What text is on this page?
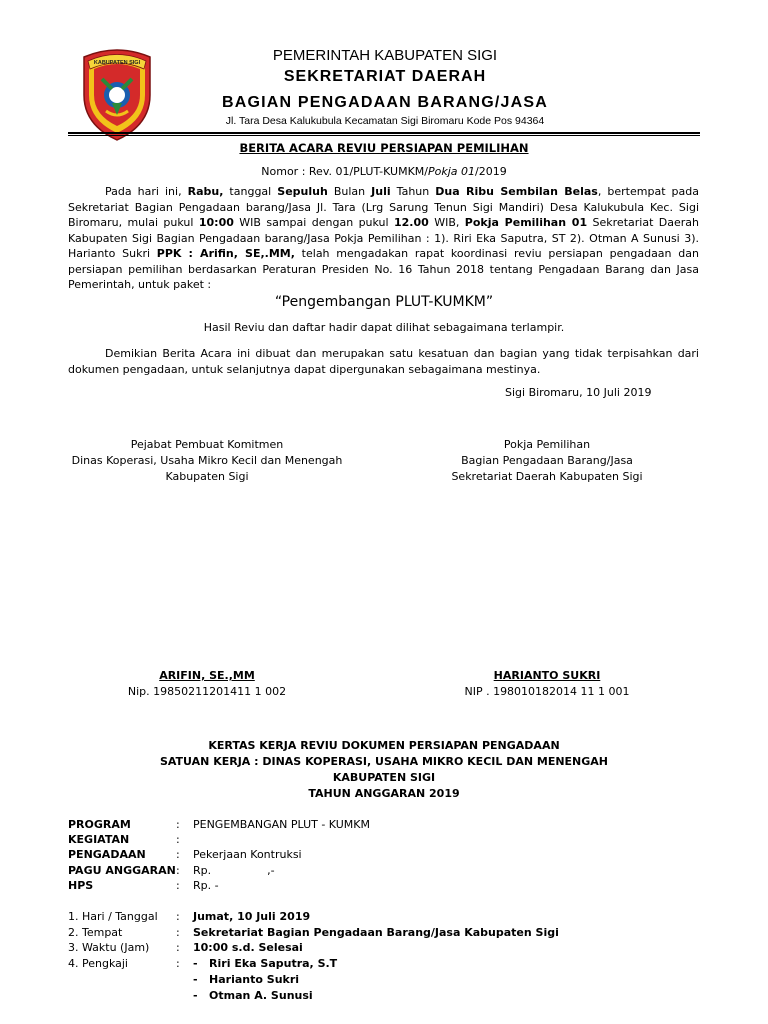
KABUPATEN SIGI	PEMERINTAH KABUPATEN SIGI
SEKRETARIAT DAERAH
BAGIAN PENGADAAN BARANG/JASA
Jl. Tara Desa Kalukubula Kecamatan Sigi Biromaru Kode Pos 94364
BERITA ACARA REVIU PERSIAPAN PEMILIHAN
Nomor : Rev. 01/PLUT-KUMKM/Pokja 01/2019
Pada hari ini, Rabu, tanggal Sepuluh Bulan Juli Tahun Dua Ribu Sembilan Belas, bertempat pada Sekretariat Bagian Pengadaan barang/Jasa Jl. Tara (Lrg Sarung Tenun Sigi Mandiri) Desa Kalukubula Kec. Sigi Biromaru, mulai pukul 10:00 WIB sampai dengan pukul 12.00 WIB, Pokja Pemilihan 01 Sekretariat Daerah Kabupaten Sigi Bagian Pengadaan barang/Jasa Pokja Pemilihan : 1). Riri Eka Saputra, ST 2). Otman A Sunusi 3). Harianto Sukri PPK : Arifin, SE,.MM, telah mengadakan rapat koordinasi reviu persiapan pengadaan dan persiapan pemilihan berdasarkan Peraturan Presiden No. 16 Tahun 2018 tentang Pengadaan Barang dan Jasa Pemerintah, untuk paket :
“Pengembangan PLUT-KUMKM”
Hasil Reviu dan daftar hadir dapat dilihat sebagaimana terlampir.
Demikian Berita Acara ini dibuat dan merupakan satu kesatuan dan bagian yang tidak terpisahkan dari dokumen pengadaan, untuk selanjutnya dapat dipergunakan sebagaimana mestinya.
Sigi Biromaru, 10 Juli 2019
Pejabat Pembuat Komitmen
Dinas Koperasi, Usaha Mikro Kecil dan Menengah
Kabupaten Sigi
Pokja Pemilihan
Bagian Pengadaan Barang/Jasa
Sekretariat Daerah Kabupaten Sigi
ARIFIN, SE.,MM	HARIANTO SUKRI
Nip. 19850211201411 1 002	NIP . 198010182014 11 1 001
KERTAS KERJA REVIU DOKUMEN PERSIAPAN PENGADAAN
SATUAN KERJA : DINAS KOPERASI, USAHA MIKRO KECIL DAN MENENGAH
KABUPATEN SIGI
TAHUN ANGGARAN 2019
PROGRAM	: PENGEMBANGAN PLUT - KUMKM
KEGIATAN	:
PENGADAAN	: Pekerjaan Kontruksi
PAGU ANGGARAN : Rp.                ,-
HPS	: Rp. -
1. Hari / Tanggal : Jumat, 10 Juli 2019
2. Tempat	: Sekretariat Bagian Pengadaan Barang/Jasa Kabupaten Sigi
3. Waktu (Jam) : 10:00 s.d. Selesai
4. Pengkaji	: -   Riri Eka Saputra, S.T
-   Harianto Sukri
-   Otman A. Sunusi
